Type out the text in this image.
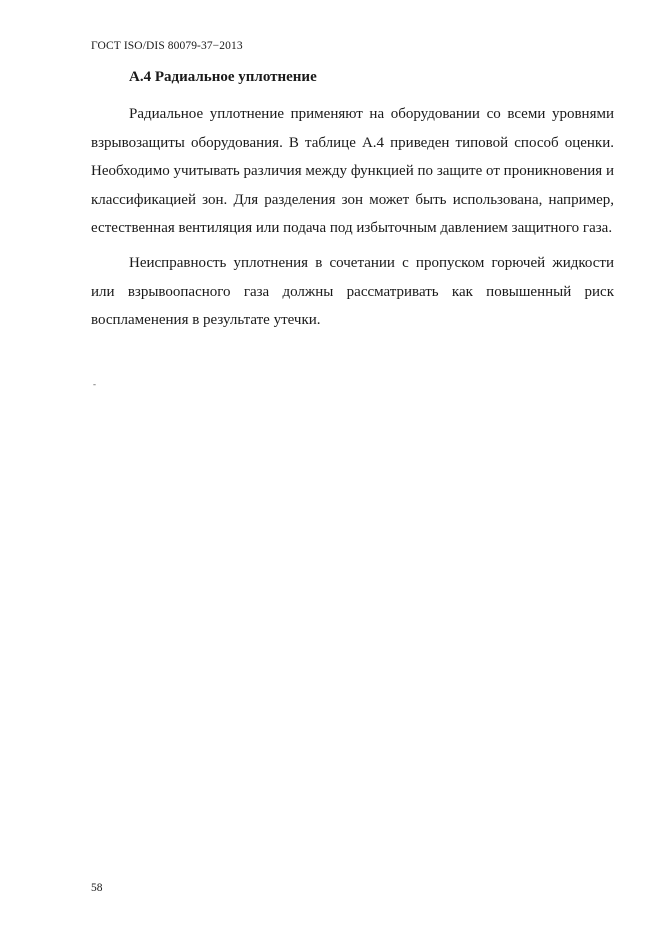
ГОСТ ISO/DIS 80079-37−2013
А.4 Радиальное уплотнение

Радиальное уплотнение применяют на оборудовании со всеми уровнями взрывозащиты оборудования. В таблице А.4 приведен типовой способ оценки. Необходимо учитывать различия между функцией по защите от проникновения и классификацией зон. Для разделения зон может быть использована, например, естественная вентиляция или подача под избыточным давлением защитного газа.

Неисправность уплотнения в сочетании с пропуском горючей жидкости или взрывоопасного газа должны рассматривать как повышенный риск воспламенения в результате утечки.

-
58
